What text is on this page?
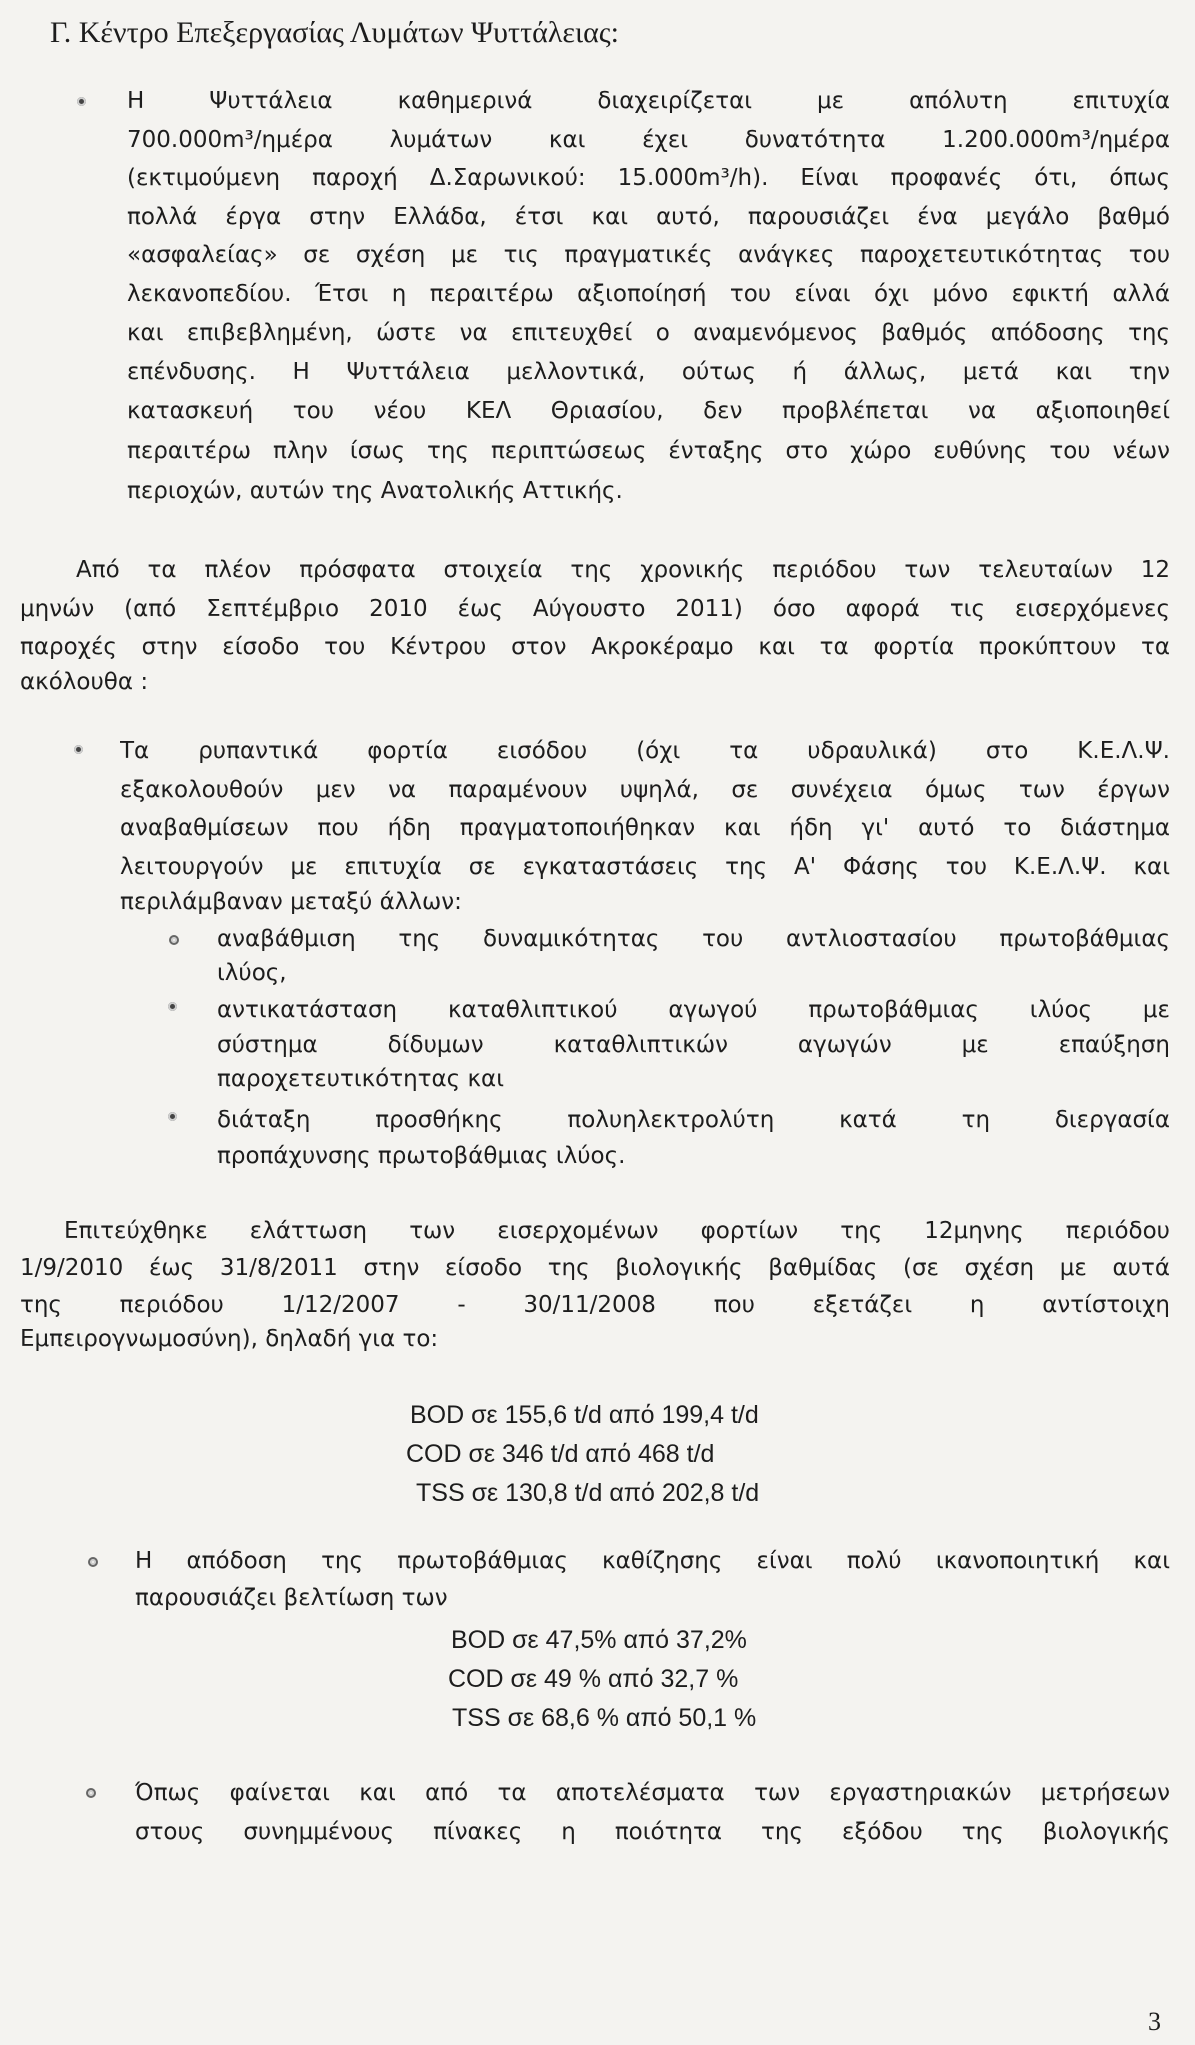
Γ. Κέντρο Επεξεργασίας Λυμάτων Ψυττάλειας:
Η Ψυττάλεια καθημερινά διαχειρίζεται με απόλυτη επιτυχία
700.000m³/ημέρα λυμάτων και έχει δυνατότητα 1.200.000m³/ημέρα
(εκτιμούμενη παροχή Δ.Σαρωνικού: 15.000m³/h). Είναι προφανές ότι, όπως
πολλά έργα στην Ελλάδα, έτσι και αυτό, παρουσιάζει ένα μεγάλο βαθμό
«ασφαλείας» σε σχέση με τις πραγματικές ανάγκες παροχετευτικότητας του
λεκανοπεδίου. Έτσι η περαιτέρω αξιοποίησή του είναι όχι μόνο εφικτή αλλά
και επιβεβλημένη, ώστε να επιτευχθεί ο αναμενόμενος βαθμός απόδοσης της
επένδυσης. Η Ψυττάλεια μελλοντικά, ούτως ή άλλως, μετά και την
κατασκευή του νέου ΚΕΛ Θριασίου, δεν προβλέπεται να αξιοποιηθεί
περαιτέρω πλην ίσως της περιπτώσεως ένταξης στο χώρο ευθύνης του νέων
περιοχών, αυτών της Ανατολικής Αττικής.
Από τα πλέον πρόσφατα στοιχεία της χρονικής περιόδου των τελευταίων 12
μηνών (από Σεπτέμβριο 2010 έως Αύγουστο 2011) όσο αφορά τις εισερχόμενες
παροχές στην είσοδο του Κέντρου στον Ακροκέραμο και τα φορτία προκύπτουν τα
ακόλουθα :
Τα ρυπαντικά φορτία εισόδου (όχι τα υδραυλικά) στο Κ.Ε.Λ.Ψ.
εξακολουθούν μεν να παραμένουν υψηλά, σε συνέχεια όμως των έργων
αναβαθμίσεων που ήδη πραγματοποιήθηκαν και ήδη γι' αυτό το διάστημα
λειτουργούν με επιτυχία σε εγκαταστάσεις της Α' Φάσης του Κ.Ε.Λ.Ψ. και
περιλάμβαναν μεταξύ άλλων:
αναβάθμιση της δυναμικότητας του αντλιοστασίου πρωτοβάθμιας
ιλύος,
αντικατάσταση καταθλιπτικού αγωγού πρωτοβάθμιας ιλύος με
σύστημα δίδυμων καταθλιπτικών αγωγών με επαύξηση
παροχετευτικότητας και
διάταξη προσθήκης πολυηλεκτρολύτη κατά τη διεργασία
προπάχυνσης πρωτοβάθμιας ιλύος.
Επιτεύχθηκε ελάττωση των εισερχομένων φορτίων της 12μηνης περιόδου
1/9/2010 έως 31/8/2011 στην είσοδο της βιολογικής βαθμίδας (σε σχέση με αυτά
της περιόδου 1/12/2007 - 30/11/2008 που εξετάζει η αντίστοιχη
Εμπειρογνωμοσύνη), δηλαδή για το:
BOD σε 155,6 t/d από 199,4 t/d
COD σε 346 t/d από 468 t/d
TSS σε 130,8 t/d από 202,8 t/d
Η απόδοση της πρωτοβάθμιας καθίζησης είναι πολύ ικανοποιητική και
παρουσιάζει βελτίωση των
BOD σε 47,5% από 37,2%
COD σε 49 % από 32,7 %
TSS σε 68,6 % από 50,1 %
Όπως φαίνεται και από τα αποτελέσματα των εργαστηριακών μετρήσεων
στους συνημμένους πίνακες η ποιότητα της εξόδου της βιολογικής
3
